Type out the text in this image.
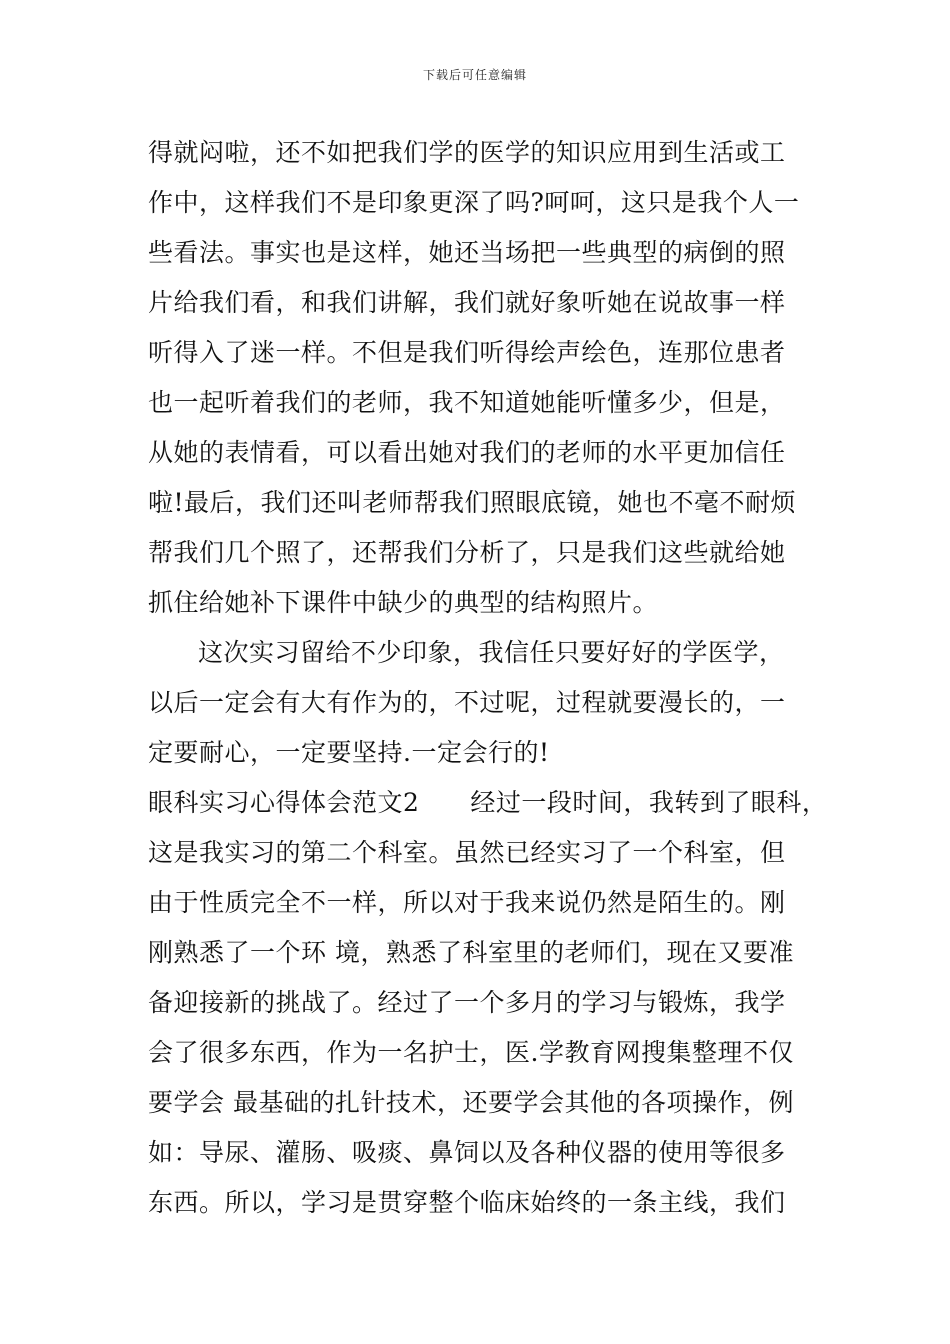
下载后可任意编辑
得就闷啦，还不如把我们学的医学的知识应用到生活或工
作中，这样我们不是印象更深了吗?呵呵，这只是我个人一
些看法。事实也是这样，她还当场把一些典型的病倒的照
片给我们看，和我们讲解，我们就好象听她在说故事一样
听得入了迷一样。不但是我们听得绘声绘色，连那位患者
也一起听着我们的老师，我不知道她能听懂多少，但是，
从她的表情看，可以看出她对我们的老师的水平更加信任
啦!最后，我们还叫老师帮我们照眼底镜，她也不毫不耐烦
帮我们几个照了，还帮我们分析了，只是我们这些就给她
抓住给她补下课件中缺少的典型的结构照片。
这次实习留给不少印象，我信任只要好好的学医学，
以后一定会有大有作为的，不过呢，过程就要漫长的，一
定要耐心，一定要坚持.一定会行的!
眼科实习心得体会范文2　　经过一段时间，我转到了眼科，
这是我实习的第二个科室。虽然已经实习了一个科室，但
由于性质完全不一样，所以对于我来说仍然是陌生的。刚
刚熟悉了一个环 境，熟悉了科室里的老师们，现在又要准
备迎接新的挑战了。经过了一个多月的学习与锻炼，我学
会了很多东西，作为一名护士，医.学教育网搜集整理不仅
要学会 最基础的扎针技术，还要学会其他的各项操作，例
如：导尿、灌肠、吸痰、鼻饲以及各种仪器的使用等很多
东西。所以，学习是贯穿整个临床始终的一条主线，我们
